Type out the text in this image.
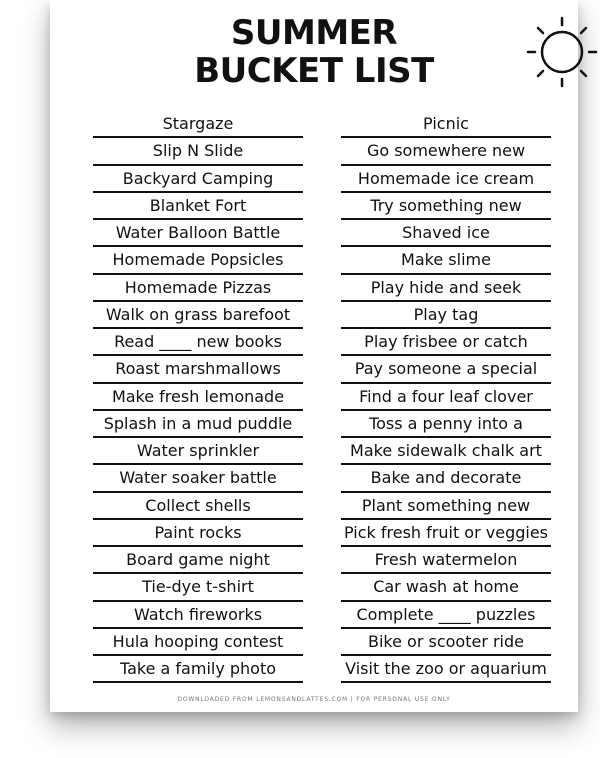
SUMMER
BUCKET LIST
Stargaze
Slip N Slide
Backyard Camping
Blanket Fort
Water Balloon Battle
Homemade Popsicles
Homemade Pizzas
Walk on grass barefoot
Read ____ new books
Roast marshmallows
Make fresh lemonade
Splash in a mud puddle
Water sprinkler
Water soaker battle
Collect shells
Paint rocks
Board game night
Tie-dye t-shirt
Watch fireworks
Hula hooping contest
Take a family photo
Picnic
Go somewhere new
Homemade ice cream
Try something new
Shaved ice
Make slime
Play hide and seek
Play tag
Play frisbee or catch
Pay someone a special
Find a four leaf clover
Toss a penny into a
Make sidewalk chalk art
Bake and decorate
Plant something new
Pick fresh fruit or veggies
Fresh watermelon
Car wash at home
Complete ____ puzzles
Bike or scooter ride
Visit the zoo or aquarium
DOWNLOADED FROM LEMONSANDLATTES.COM | FOR PERSONAL USE ONLY
